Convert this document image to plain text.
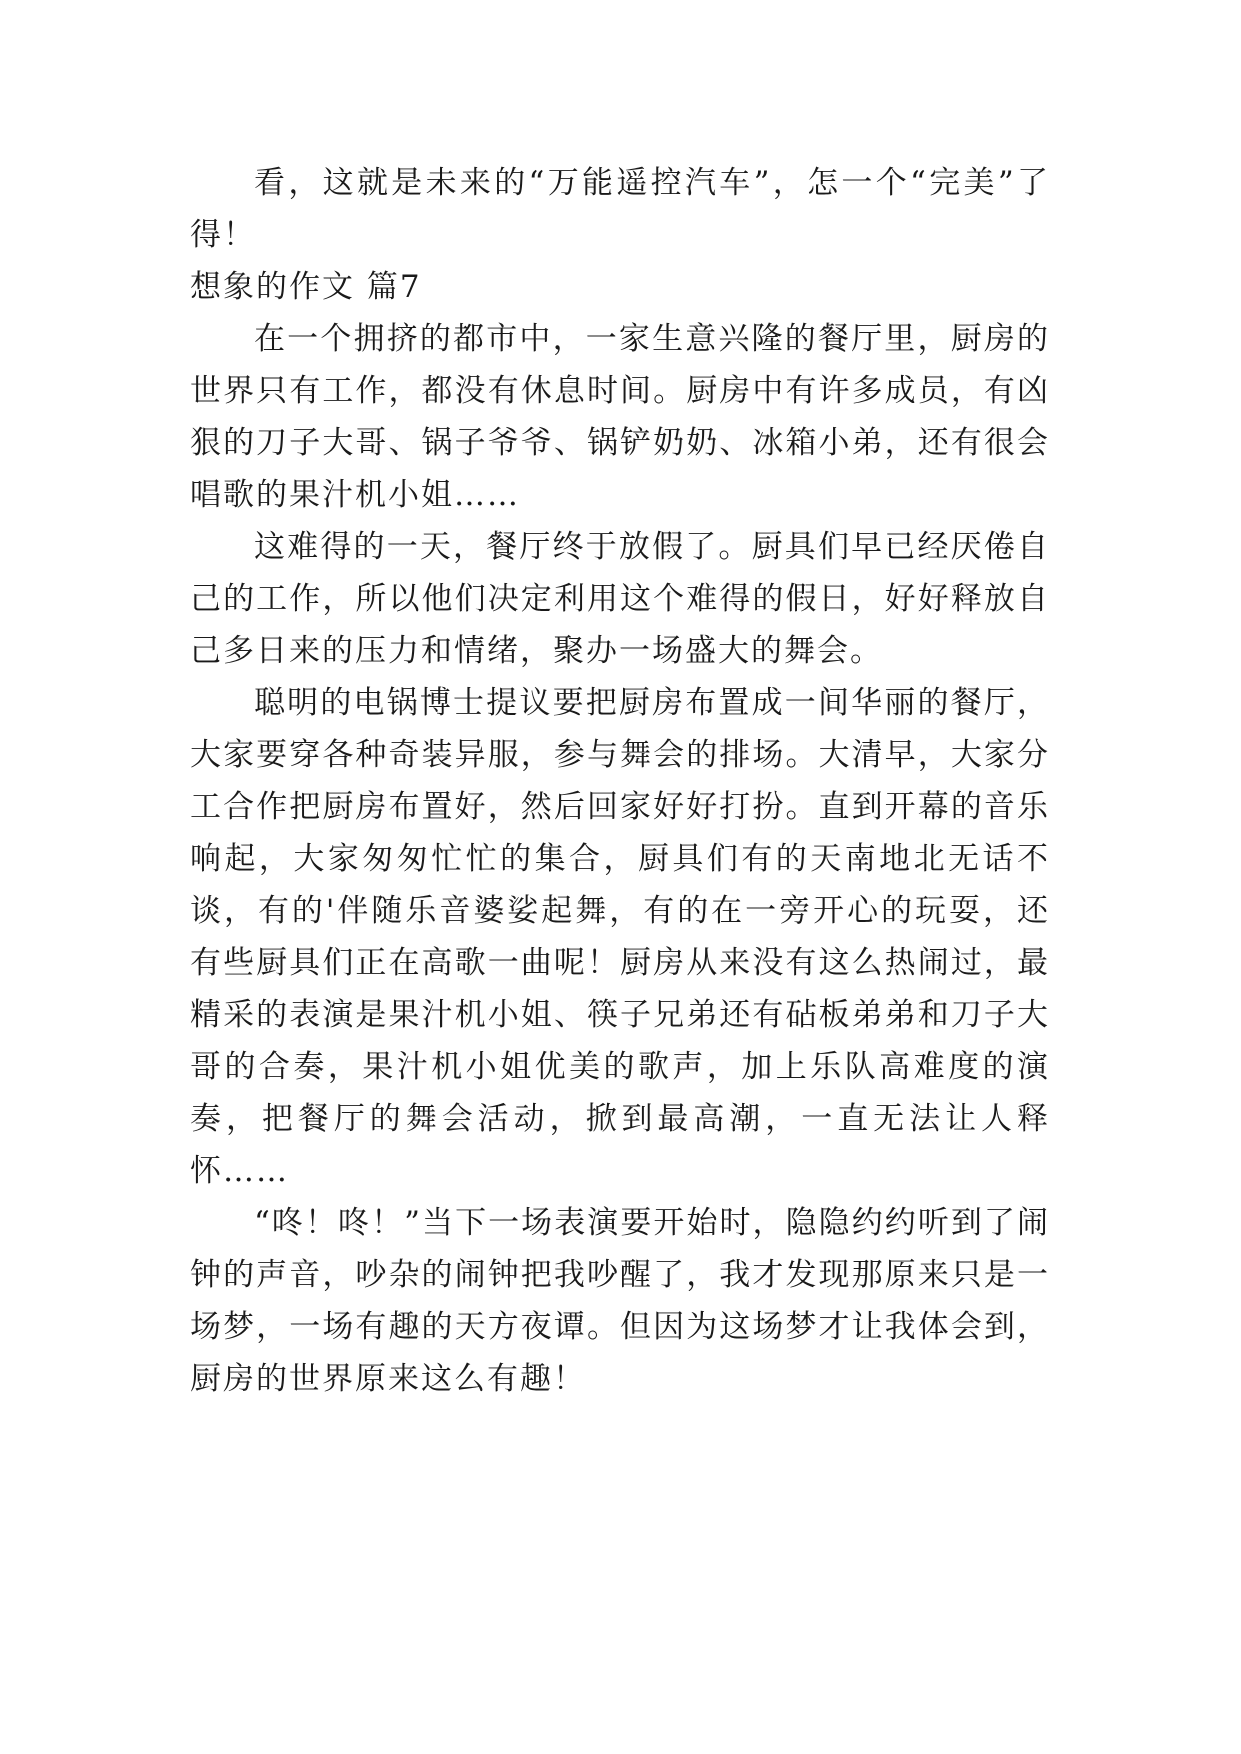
看，这就是未来的“万能遥控汽车”，怎一个“完美”了得！

想象的作文 篇7

在一个拥挤的都市中，一家生意兴隆的餐厅里，厨房的世界只有工作，都没有休息时间。厨房中有许多成员，有凶狠的刀子大哥、锅子爷爷、锅铲奶奶、冰箱小弟，还有很会唱歌的果汁机小姐……

这难得的一天，餐厅终于放假了。厨具们早已经厌倦自己的工作，所以他们决定利用这个难得的假日，好好释放自己多日来的压力和情绪，聚办一场盛大的舞会。

聪明的电锅博士提议要把厨房布置成一间华丽的餐厅，大家要穿各种奇装异服，参与舞会的排场。大清早，大家分工合作把厨房布置好，然后回家好好打扮。直到开幕的音乐响起，大家匆匆忙忙的集合，厨具们有的天南地北无话不谈，有的'伴随乐音婆娑起舞，有的在一旁开心的玩耍，还有些厨具们正在高歌一曲呢！厨房从来没有这么热闹过，最精采的表演是果汁机小姐、筷子兄弟还有砧板弟弟和刀子大哥的合奏，果汁机小姐优美的歌声，加上乐队高难度的演奏，把餐厅的舞会活动，掀到最高潮，一直无法让人释怀……

“咚！咚！”当下一场表演要开始时，隐隐约约听到了闹钟的声音，吵杂的闹钟把我吵醒了，我才发现那原来只是一场梦，一场有趣的天方夜谭。但因为这场梦才让我体会到，厨房的世界原来这么有趣！
